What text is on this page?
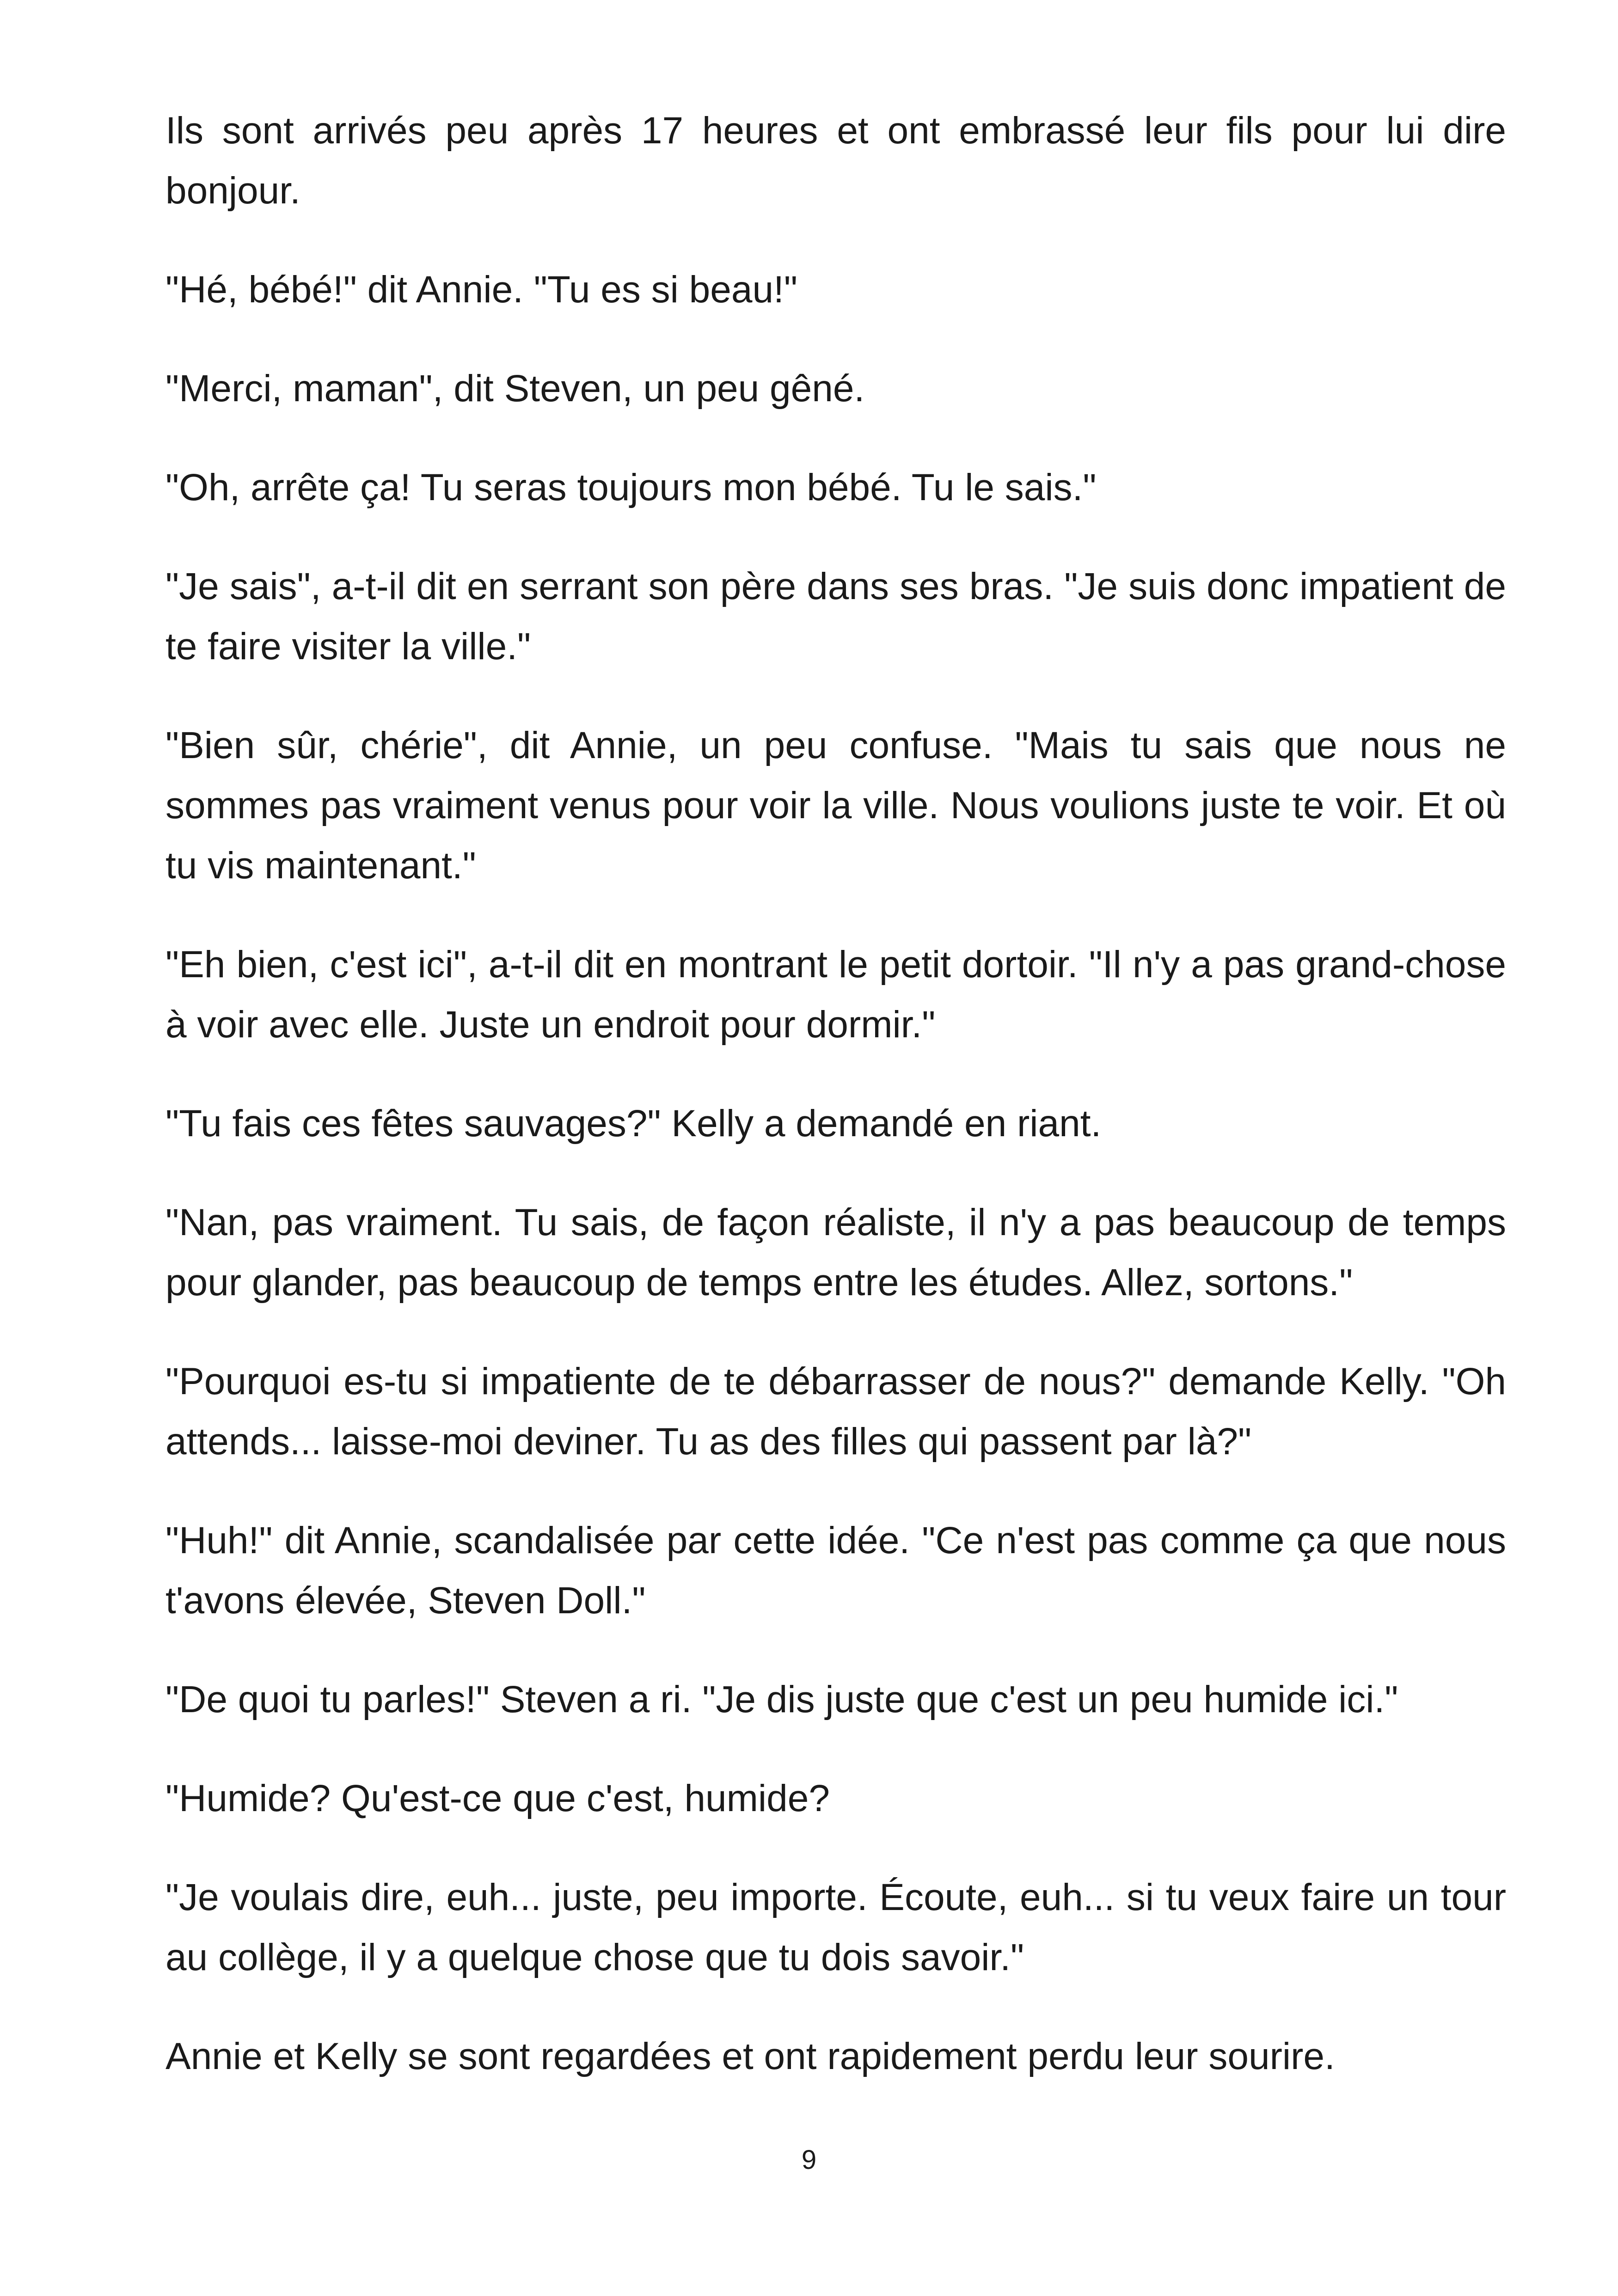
Ils sont arrivés peu après 17 heures et ont embrassé leur fils pour lui dire bonjour.

"Hé, bébé!" dit Annie. "Tu es si beau!"

"Merci, maman", dit Steven, un peu gêné.

"Oh, arrête ça! Tu seras toujours mon bébé. Tu le sais."

"Je sais", a-t-il dit en serrant son père dans ses bras. "Je suis donc impatient de te faire visiter la ville."

"Bien sûr, chérie", dit Annie, un peu confuse. "Mais tu sais que nous ne sommes pas vraiment venus pour voir la ville. Nous voulions juste te voir. Et où tu vis maintenant."

"Eh bien, c'est ici", a-t-il dit en montrant le petit dortoir. "Il n'y a pas grand-chose à voir avec elle. Juste un endroit pour dormir."

"Tu fais ces fêtes sauvages?" Kelly a demandé en riant.

"Nan, pas vraiment. Tu sais, de façon réaliste, il n'y a pas beaucoup de temps pour glander, pas beaucoup de temps entre les études. Allez, sortons."

"Pourquoi es-tu si impatiente de te débarrasser de nous?" demande Kelly. "Oh attends... laisse-moi deviner. Tu as des filles qui passent par là?"

"Huh!" dit Annie, scandalisée par cette idée. "Ce n'est pas comme ça que nous t'avons élevée, Steven Doll."

"De quoi tu parles!" Steven a ri. "Je dis juste que c'est un peu humide ici."

"Humide? Qu'est-ce que c'est, humide?

"Je voulais dire, euh... juste, peu importe. Écoute, euh... si tu veux faire un tour au collège, il y a quelque chose que tu dois savoir."

Annie et Kelly se sont regardées et ont rapidement perdu leur sourire.

9
